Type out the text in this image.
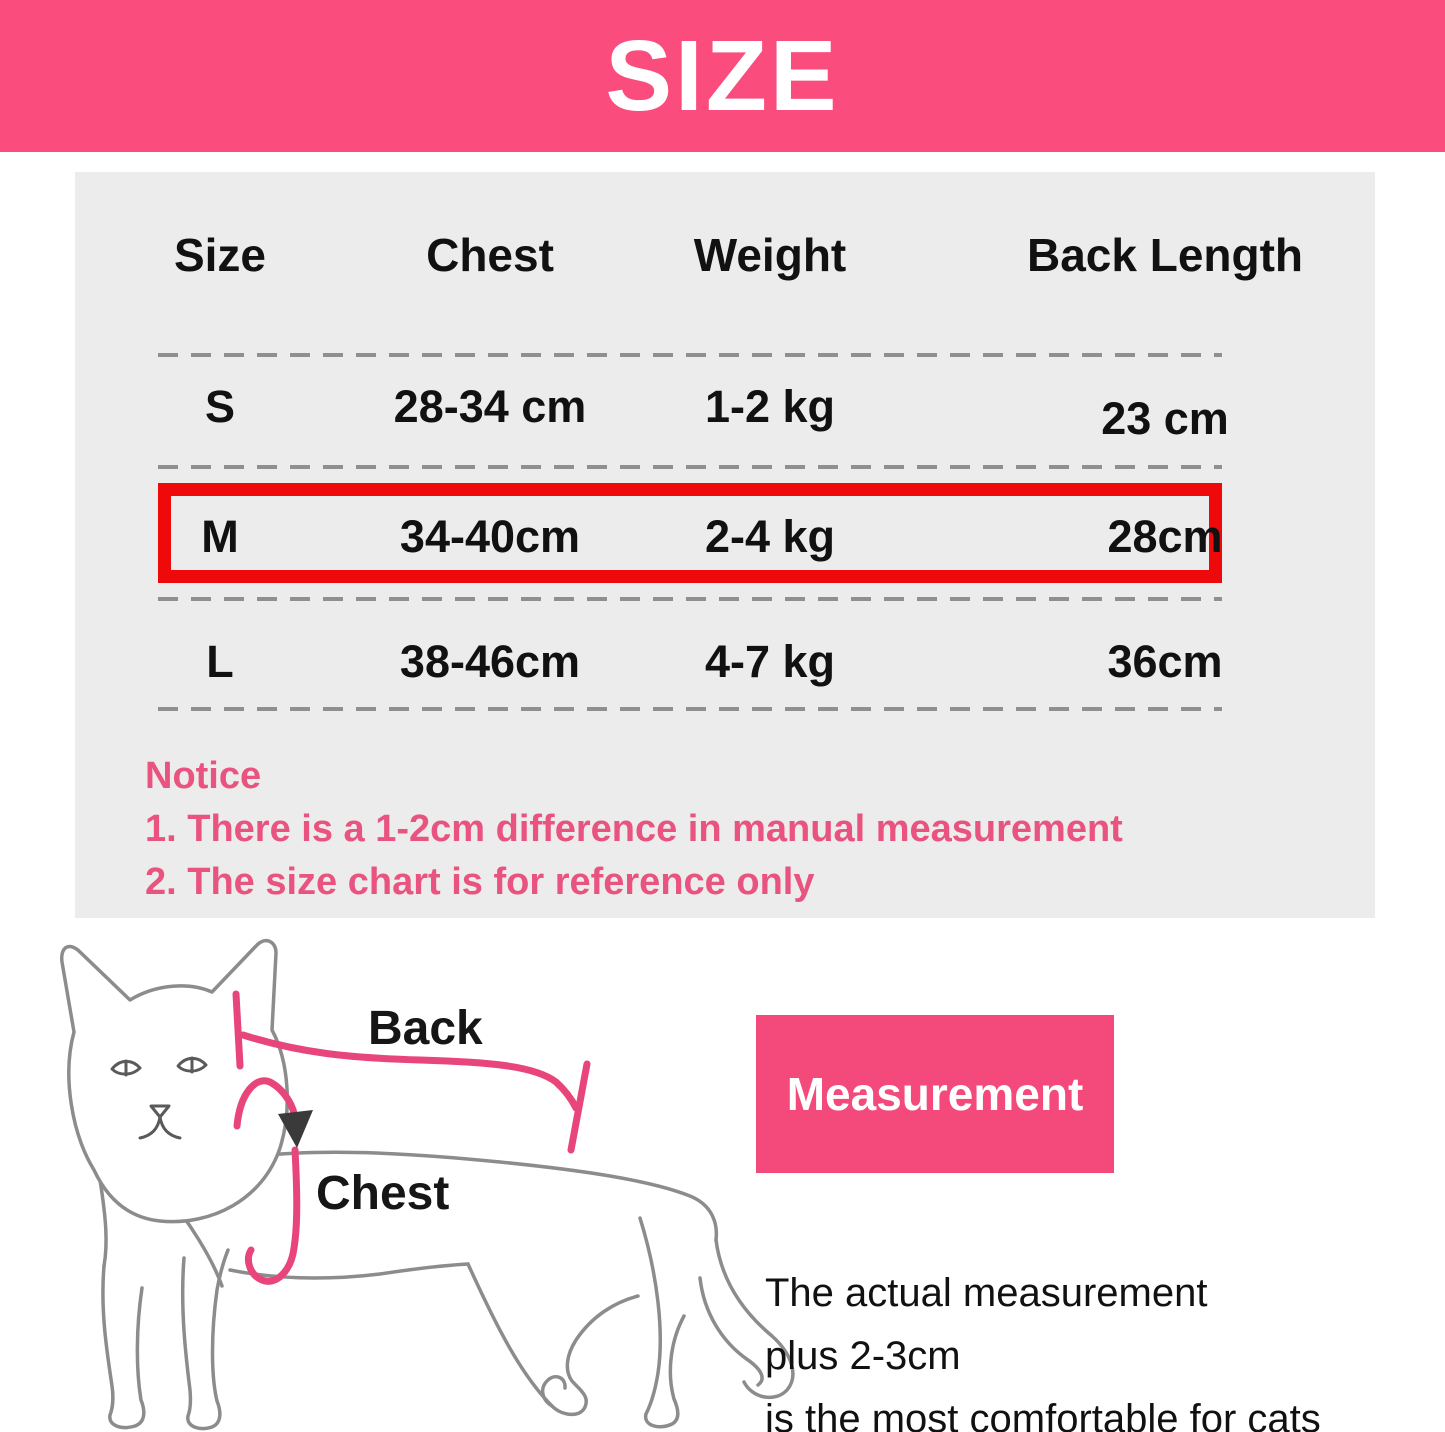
SIZE
Size	Chest	Weight	Back Length
S	28-34 cm	1-2 kg	23 cm
M	34-40cm	2-4 kg	28cm
L	38-46cm	4-7 kg	36cm
Notice
1. There is a 1-2cm difference in manual measurement
2. The size chart is for reference only
Back
Chest
Measurement
The actual measurement
plus 2-3cm
is the most comfortable for cats
